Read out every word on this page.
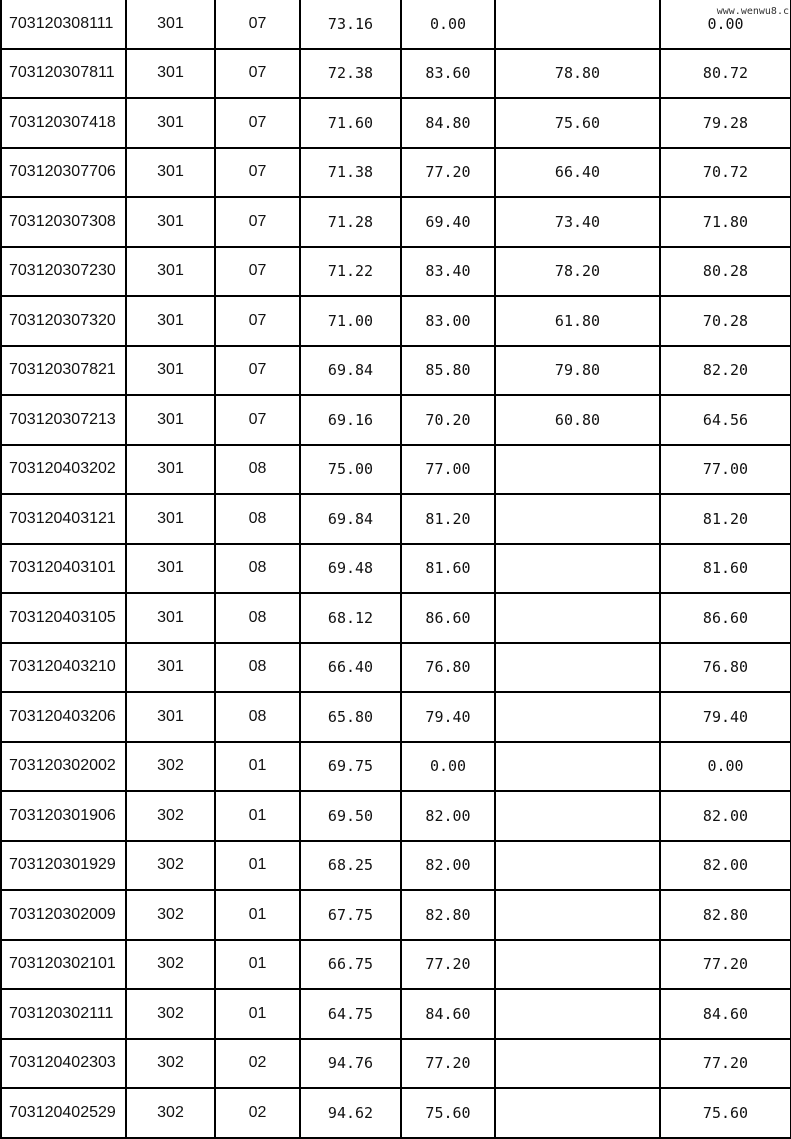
www.wenwu8.c
703120308111	301	07	73.16	0.00		0.00
703120307811	301	07	72.38	83.60	78.80	80.72
703120307418	301	07	71.60	84.80	75.60	79.28
703120307706	301	07	71.38	77.20	66.40	70.72
703120307308	301	07	71.28	69.40	73.40	71.80
703120307230	301	07	71.22	83.40	78.20	80.28
703120307320	301	07	71.00	83.00	61.80	70.28
703120307821	301	07	69.84	85.80	79.80	82.20
703120307213	301	07	69.16	70.20	60.80	64.56
703120403202	301	08	75.00	77.00		77.00
703120403121	301	08	69.84	81.20		81.20
703120403101	301	08	69.48	81.60		81.60
703120403105	301	08	68.12	86.60		86.60
703120403210	301	08	66.40	76.80		76.80
703120403206	301	08	65.80	79.40		79.40
703120302002	302	01	69.75	0.00		0.00
703120301906	302	01	69.50	82.00		82.00
703120301929	302	01	68.25	82.00		82.00
703120302009	302	01	67.75	82.80		82.80
703120302101	302	01	66.75	77.20		77.20
703120302111	302	01	64.75	84.60		84.60
703120402303	302	02	94.76	77.20		77.20
703120402529	302	02	94.62	75.60		75.60
